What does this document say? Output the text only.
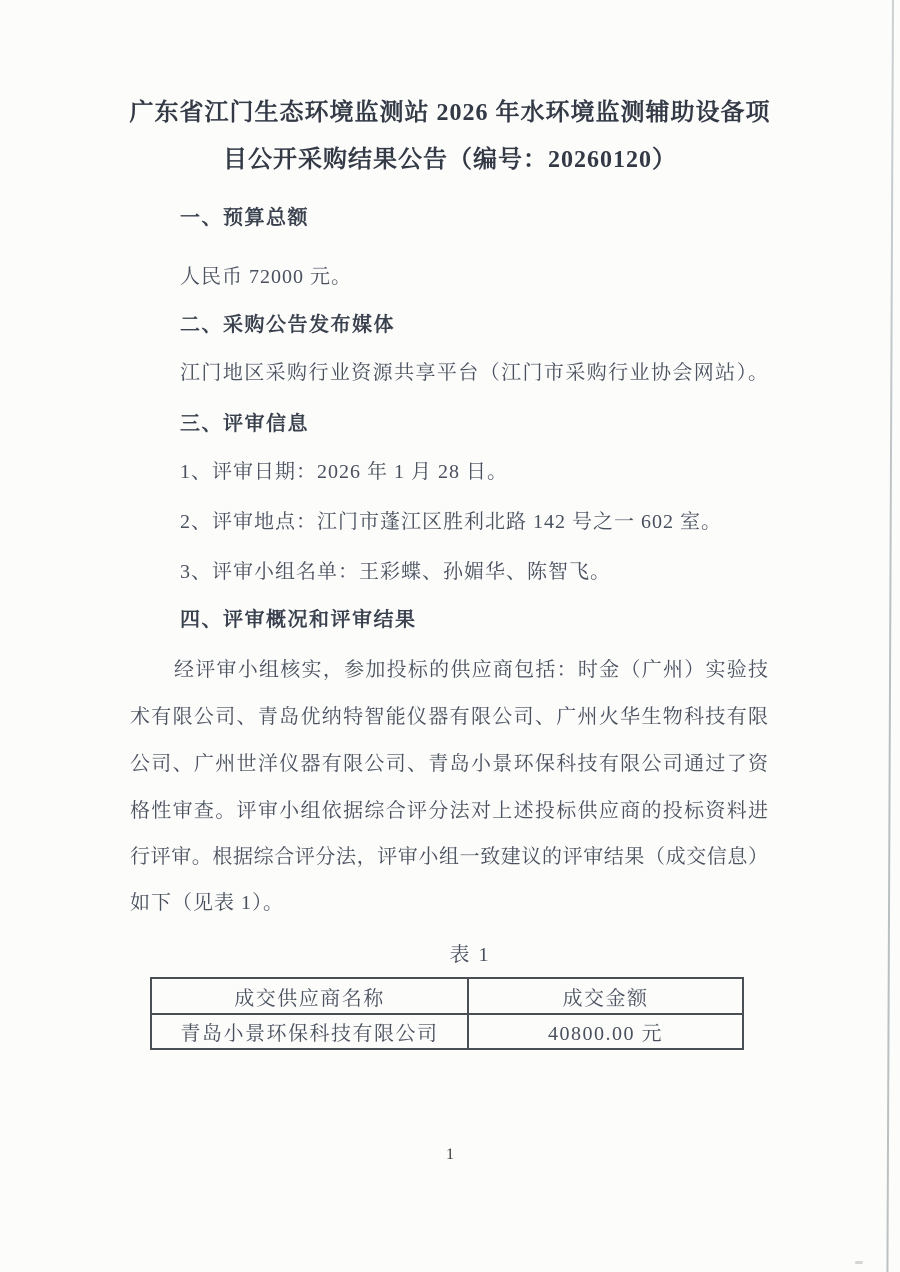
广东省江门生态环境监测站 2026 年水环境监测辅助设备项
目公开采购结果公告（编号：20260120）
一、预算总额
人民币 72000 元。
二、采购公告发布媒体
江门地区采购行业资源共享平台（江门市采购行业协会网站）。
三、评审信息
1、评审日期：2026 年 1 月 28 日。
2、评审地点：江门市蓬江区胜利北路 142 号之一 602 室。
3、评审小组名单：王彩蝶、孙媚华、陈智飞。
四、评审概况和评审结果
经评审小组核实，参加投标的供应商包括：时金（广州）实验技
术有限公司、青岛优纳特智能仪器有限公司、广州火华生物科技有限
公司、广州世洋仪器有限公司、青岛小景环保科技有限公司通过了资
格性审查。评审小组依据综合评分法对上述投标供应商的投标资料进
行评审。根据综合评分法，评审小组一致建议的评审结果（成交信息）
如下（见表 1）。
表 1
成交供应商名称	成交金额
青岛小景环保科技有限公司	40800.00 元
1
